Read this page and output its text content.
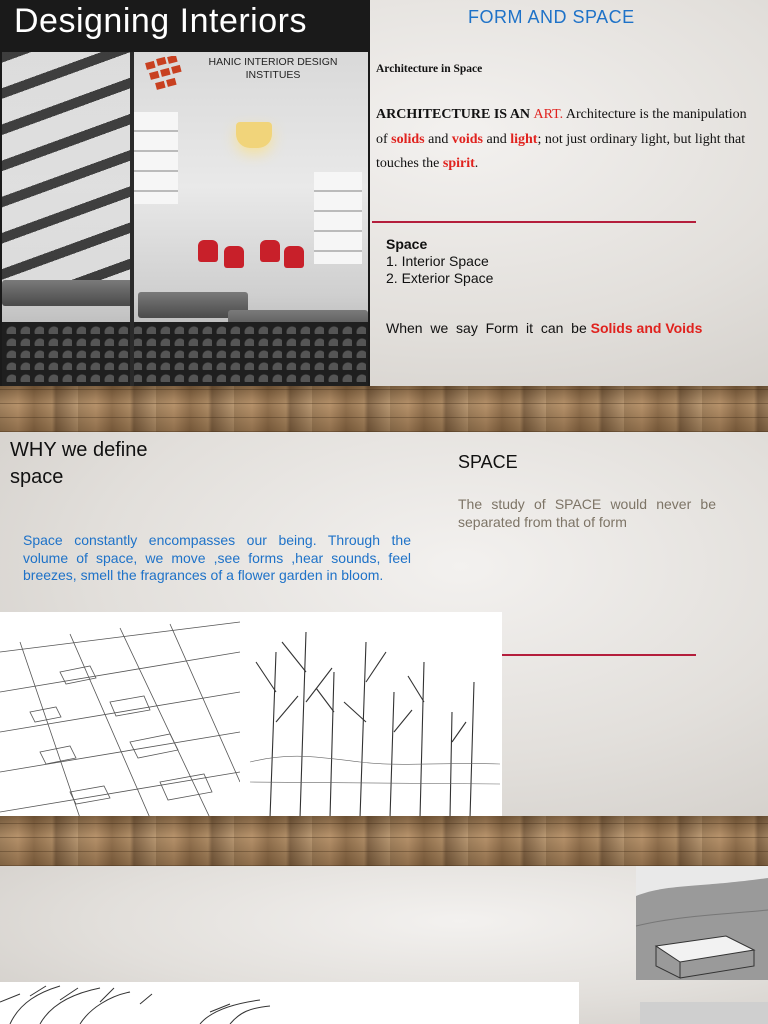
Designing Interiors
HANIC INTERIOR DESIGN INSTITUES
FORM AND SPACE
Architecture in Space
ARCHITECTURE IS AN ART. Architecture is the manipulation of solids and voids and light; not just ordinary light, but light that touches the spirit.
Space
1. Interior Space
2. Exterior Space
When  we  say  Form  it  can  be Solids and Voids
WHY we define space
Space constantly encompasses our being. Through the volume of space, we move ,see forms ,hear sounds, feel breezes, smell the fragrances of a flower garden in bloom.
SPACE
The study of SPACE would never be separated from that of form
